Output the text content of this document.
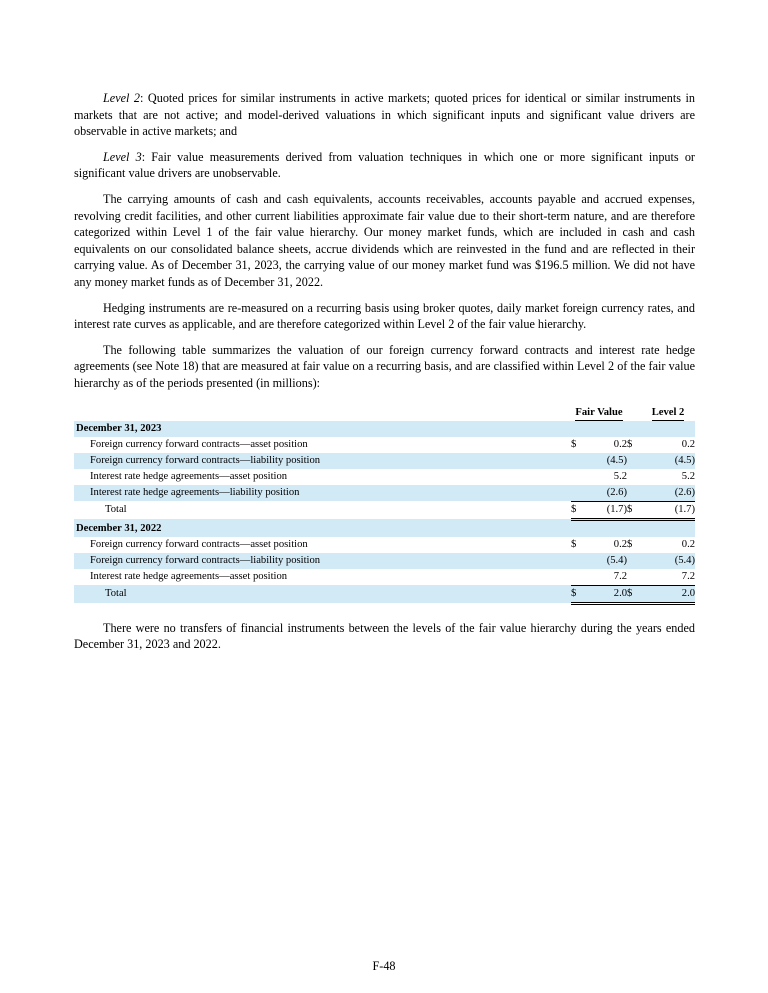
Level 2: Quoted prices for similar instruments in active markets; quoted prices for identical or similar instruments in markets that are not active; and model-derived valuations in which significant inputs and significant value drivers are observable in active markets; and

Level 3: Fair value measurements derived from valuation techniques in which one or more significant inputs or significant value drivers are unobservable.

The carrying amounts of cash and cash equivalents, accounts receivables, accounts payable and accrued expenses, revolving credit facilities, and other current liabilities approximate fair value due to their short-term nature, and are therefore categorized within Level 1 of the fair value hierarchy. Our money market funds, which are included in cash and cash equivalents on our consolidated balance sheets, accrue dividends which are reinvested in the fund and are reflected in their carrying value. As of December 31, 2023, the carrying value of our money market fund was $196.5 million. We did not have any money market funds as of December 31, 2022.

Hedging instruments are re-measured on a recurring basis using broker quotes, daily market foreign currency rates, and interest rate curves as applicable, and are therefore categorized within Level 2 of the fair value hierarchy.

The following table summarizes the valuation of our foreign currency forward contracts and interest rate hedge agreements (see Note 18) that are measured at fair value on a recurring basis, and are classified within Level 2 of the fair value hierarchy as of the periods presented (in millions):

	Fair Value			Level 2	
December 31, 2023					
Foreign currency forward contracts—asset position	$	0.2	$		0.2
Foreign currency forward contracts—liability position		(4.5)			(4.5)
Interest rate hedge agreements—asset position		5.2			5.2
Interest rate hedge agreements—liability position		(2.6)			(2.6)
Total	$	(1.7)	$		(1.7)
December 31, 2022					
Foreign currency forward contracts—asset position	$	0.2	$		0.2
Foreign currency forward contracts—liability position		(5.4)			(5.4)
Interest rate hedge agreements—asset position		7.2			7.2
Total	$	2.0	$		2.0

There were no transfers of financial instruments between the levels of the fair value hierarchy during the years ended December 31, 2023 and 2022.

F-48
